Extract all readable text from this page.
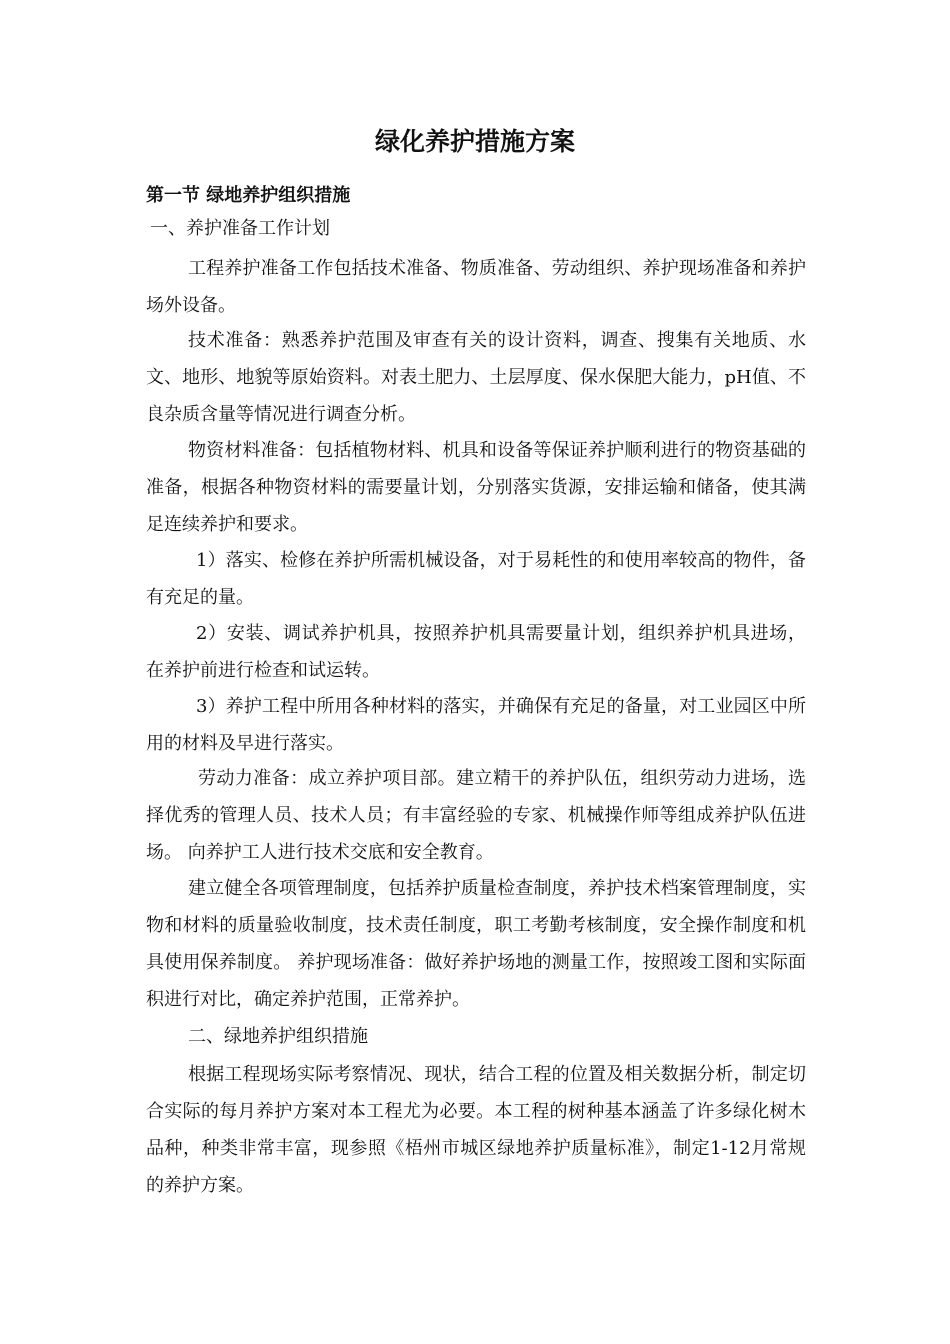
绿化养护措施方案
第一节 绿地养护组织措施
一、养护准备工作计划
工程养护准备工作包括技术准备、物质准备、劳动组织、养护现场准备和养护场外设备。
技术准备：熟悉养护范围及审查有关的设计资料，调查、搜集有关地质、水文、地形、地貌等原始资料。对表土肥力、土层厚度、保水保肥大能力，pH值、不良杂质含量等情况进行调查分析。
物资材料准备：包括植物材料、机具和设备等保证养护顺利进行的物资基础的准备，根据各种物资材料的需要量计划，分别落实货源，安排运输和储备，使其满足连续养护和要求。
1）落实、检修在养护所需机械设备，对于易耗性的和使用率较高的物件，备有充足的量。
2）安装、调试养护机具，按照养护机具需要量计划，组织养护机具进场， 在养护前进行检查和试运转。
3）养护工程中所用各种材料的落实，并确保有充足的备量，对工业园区中所用的材料及早进行落实。
劳动力准备：成立养护项目部。建立精干的养护队伍，组织劳动力进场，选择优秀的管理人员、技术人员；有丰富经验的专家、机械操作师等组成养护队伍进场。 向养护工人进行技术交底和安全教育。
建立健全各项管理制度，包括养护质量检查制度，养护技术档案管理制度，实物和材料的质量验收制度，技术责任制度，职工考勤考核制度，安全操作制度和机具使用保养制度。 养护现场准备：做好养护场地的测量工作，按照竣工图和实际面积进行对比，确定养护范围，正常养护。
二、绿地养护组织措施
根据工程现场实际考察情况、现状，结合工程的位置及相关数据分析，制定切合实际的每月养护方案对本工程尤为必要。本工程的树种基本涵盖了许多绿化树木品种，种类非常丰富，现参照《梧州市城区绿地养护质量标准》，制定1-12月常规的养护方案。
